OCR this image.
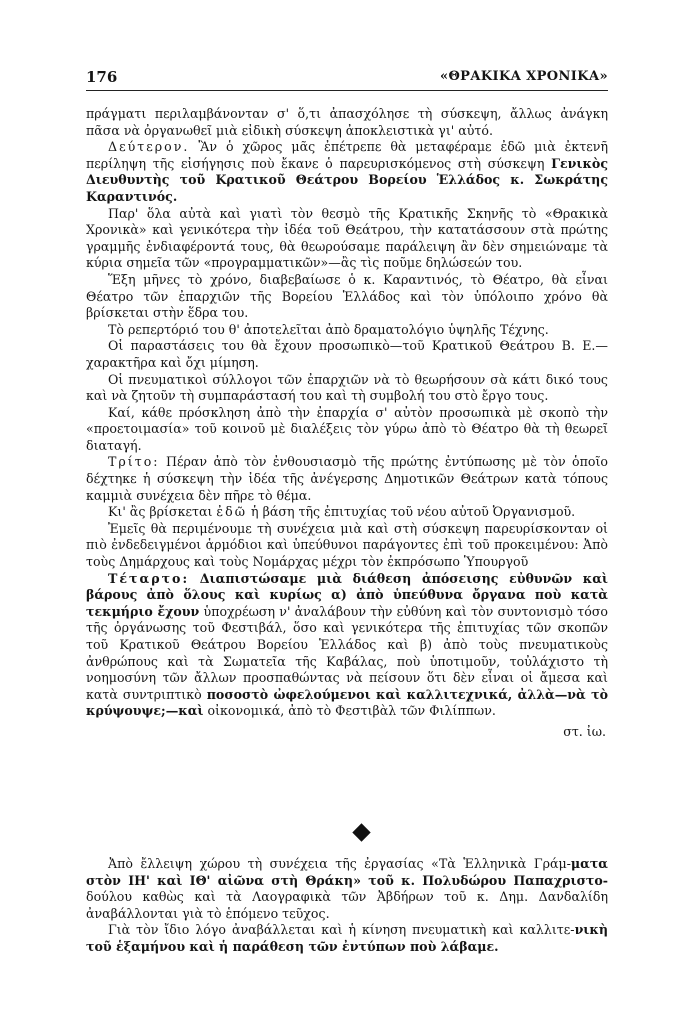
176	«ΘΡΑΚΙΚΑ ΧΡΟΝΙΚΑ»

πράγματι περιλαμβάνονταν σ' ὅ,τι ἀπασχόλησε τὴ σύσκεψη, ἄλλως ἀνάγκη πᾶσα νὰ ὀργανωθεῖ μιὰ εἰδικὴ σύσκεψη ἀποκλειστικὰ γι' αὐτό.

Δεύτερον. Ἂν ὁ χῶρος μᾶς ἐπέτρεπε θὰ μεταφέραμε ἐδῶ μιὰ ἐκτενῆ περίληψη τῆς εἰσήγησις ποὺ ἔκανε ὁ παρευρισκόμενος στὴ σύσκεψη Γενικὸς Διευθυντὴς τοῦ Κρατικοῦ Θεάτρου Βορείου Ἑλλάδος κ. Σωκράτης Καραντινός.

Παρ' ὅλα αὐτὰ καὶ γιατὶ τὸν θεσμὸ τῆς Κρατικῆς Σκηνῆς τὸ «Θρακικὰ Χρονικὰ» καὶ γενικότερα τὴν ἰδέα τοῦ Θεάτρου, τὴν κατατάσσουν στὰ πρώτης γραμμῆς ἐνδιαφέροντά τους, θὰ θεωρούσαμε παράλειψη ἂν δὲν σημειώναμε τὰ κύρια σημεῖα τῶν «προγραμματικῶν»—ἂς τὶς ποῦμε δηλώσεών του.

Ἕξη μῆνες τὸ χρόνο, διαβεβαίωσε ὁ κ. Καραντινός, τὸ Θέατρο, θὰ εἶναι Θέατρο τῶν ἐπαρχιῶν τῆς Βορείου Ἑλλάδος καὶ τὸν ὑπόλοιπο χρόνο θὰ βρίσκεται στὴν ἕδρα του.

Τὸ ρεπερτόριό του θ' ἀποτελεῖται ἀπὸ δραματολόγιο ὑψηλῆς Τέχνης.

Οἱ παραστάσεις του θὰ ἔχουν προσωπικὸ—τοῦ Κρατικοῦ Θεάτρου Β. Ε.—χαρακτῆρα καὶ ὄχι μίμηση.

Οἱ πνευματικοὶ σύλλογοι τῶν ἐπαρχιῶν νὰ τὸ θεωρήσουν σὰ κάτι δικό τους καὶ νὰ ζητοῦν τὴ συμπαράστασή του καὶ τὴ συμβολή του στὸ ἔργο τους.

Καί, κάθε πρόσκληση ἀπὸ τὴν ἐπαρχία σ' αὐτὸν προσωπικὰ μὲ σκοπὸ τὴν «προετοιμασία» τοῦ κοινοῦ μὲ διαλέξεις τὸν γύρω ἀπὸ τὸ Θέατρο θὰ τὴ θεωρεῖ διαταγή.

Τρίτο: Πέραν ἀπὸ τὸν ἐνθουσιασμὸ τῆς πρώτης ἐντύπωσης μὲ τὸν ὁποῖο δέχτηκε ἡ σύσκεψη τὴν ἰδέα τῆς ἀνέγερσης Δημοτικῶν Θεάτρων κατὰ τόπους καμμιὰ συνέχεια δὲν πῆρε τὸ θέμα.

Κι' ἂς βρίσκεται ἐδῶ ἡ βάση τῆς ἐπιτυχίας τοῦ νέου αὐτοῦ Ὀργανισμοῦ.

Ἐμεῖς θὰ περιμένουμε τὴ συνέχεια μιὰ καὶ στὴ σύσκεψη παρευρίσκονταν οἱ πιὸ ἐνδεδειγμένοι ἁρμόδιοι καὶ ὑπεύθυνοι παράγοντες ἐπὶ τοῦ προκειμένου: Ἀπὸ τοὺς Δημάρχους καὶ τοὺς Νομάρχας μέχρι τὸν ἐκπρόσωπο Ὑπουργοῦ

Τέταρτο: Διαπιστώσαμε μιὰ διάθεση ἀπόσεισης εὐθυνῶν καὶ βάρους ἀπὸ ὅλους καὶ κυρίως α) ἀπὸ ὑπεύθυνα ὄργανα ποὺ κατὰ τεκμήριο ἔχουν ὑποχρέωση ν' ἀναλάβουν τὴν εὐθύνη καὶ τὸν συντονισμὸ τόσο τῆς ὀργάνωσης τοῦ Φεστιβάλ, ὅσο καὶ γενικότερα τῆς ἐπιτυχίας τῶν σκοπῶν τοῦ Κρατικοῦ Θεάτρου Βορείου Ἑλλάδος καὶ β) ἀπὸ τοὺς πνευματικοὺς ἀνθρώπους καὶ τὰ Σωματεῖα τῆς Καβάλας, ποὺ ὑποτιμοῦν, τοὐλάχιστο τὴ νοημοσύνη τῶν ἄλλων προσπαθώντας νὰ πείσουν ὅτι δὲν εἶναι οἱ ἄμεσα καὶ κατὰ συντριπτικὸ ποσοστὸ ὠφελούμενοι καὶ καλλιτεχνικά, ἀλλὰ—νὰ τὸ κρύψουψε;—καὶ οἰκονομικά, ἀπὸ τὸ Φεστιβὰλ τῶν Φιλίππων.

στ. ἰω.

Ἀπὸ ἔλλειψη χώρου τὴ συνέχεια τῆς ἐργασίας «Τὰ Ἑλληνικὰ Γράμ-ματα στὸν ΙΗ' καὶ ΙΘ' αἰῶνα στὴ Θράκη» τοῦ κ. Πολυδώρου Παπαχριστο-δούλου καθὼς καὶ τὰ Λαογραφικὰ τῶν Ἀβδήρων τοῦ κ. Δημ. Δανδαλίδη ἀναβάλλονται γιὰ τὸ ἑπόμενο τεῦχος.

Γιὰ τὸν ἴδιο λόγο ἀναβάλλεται καὶ ἡ κίνηση πνευματικὴ καὶ καλλιτε-νικὴ τοῦ ἑξαμήνου καὶ ἡ παράθεση τῶν ἐντύπων ποὺ λάβαμε.
